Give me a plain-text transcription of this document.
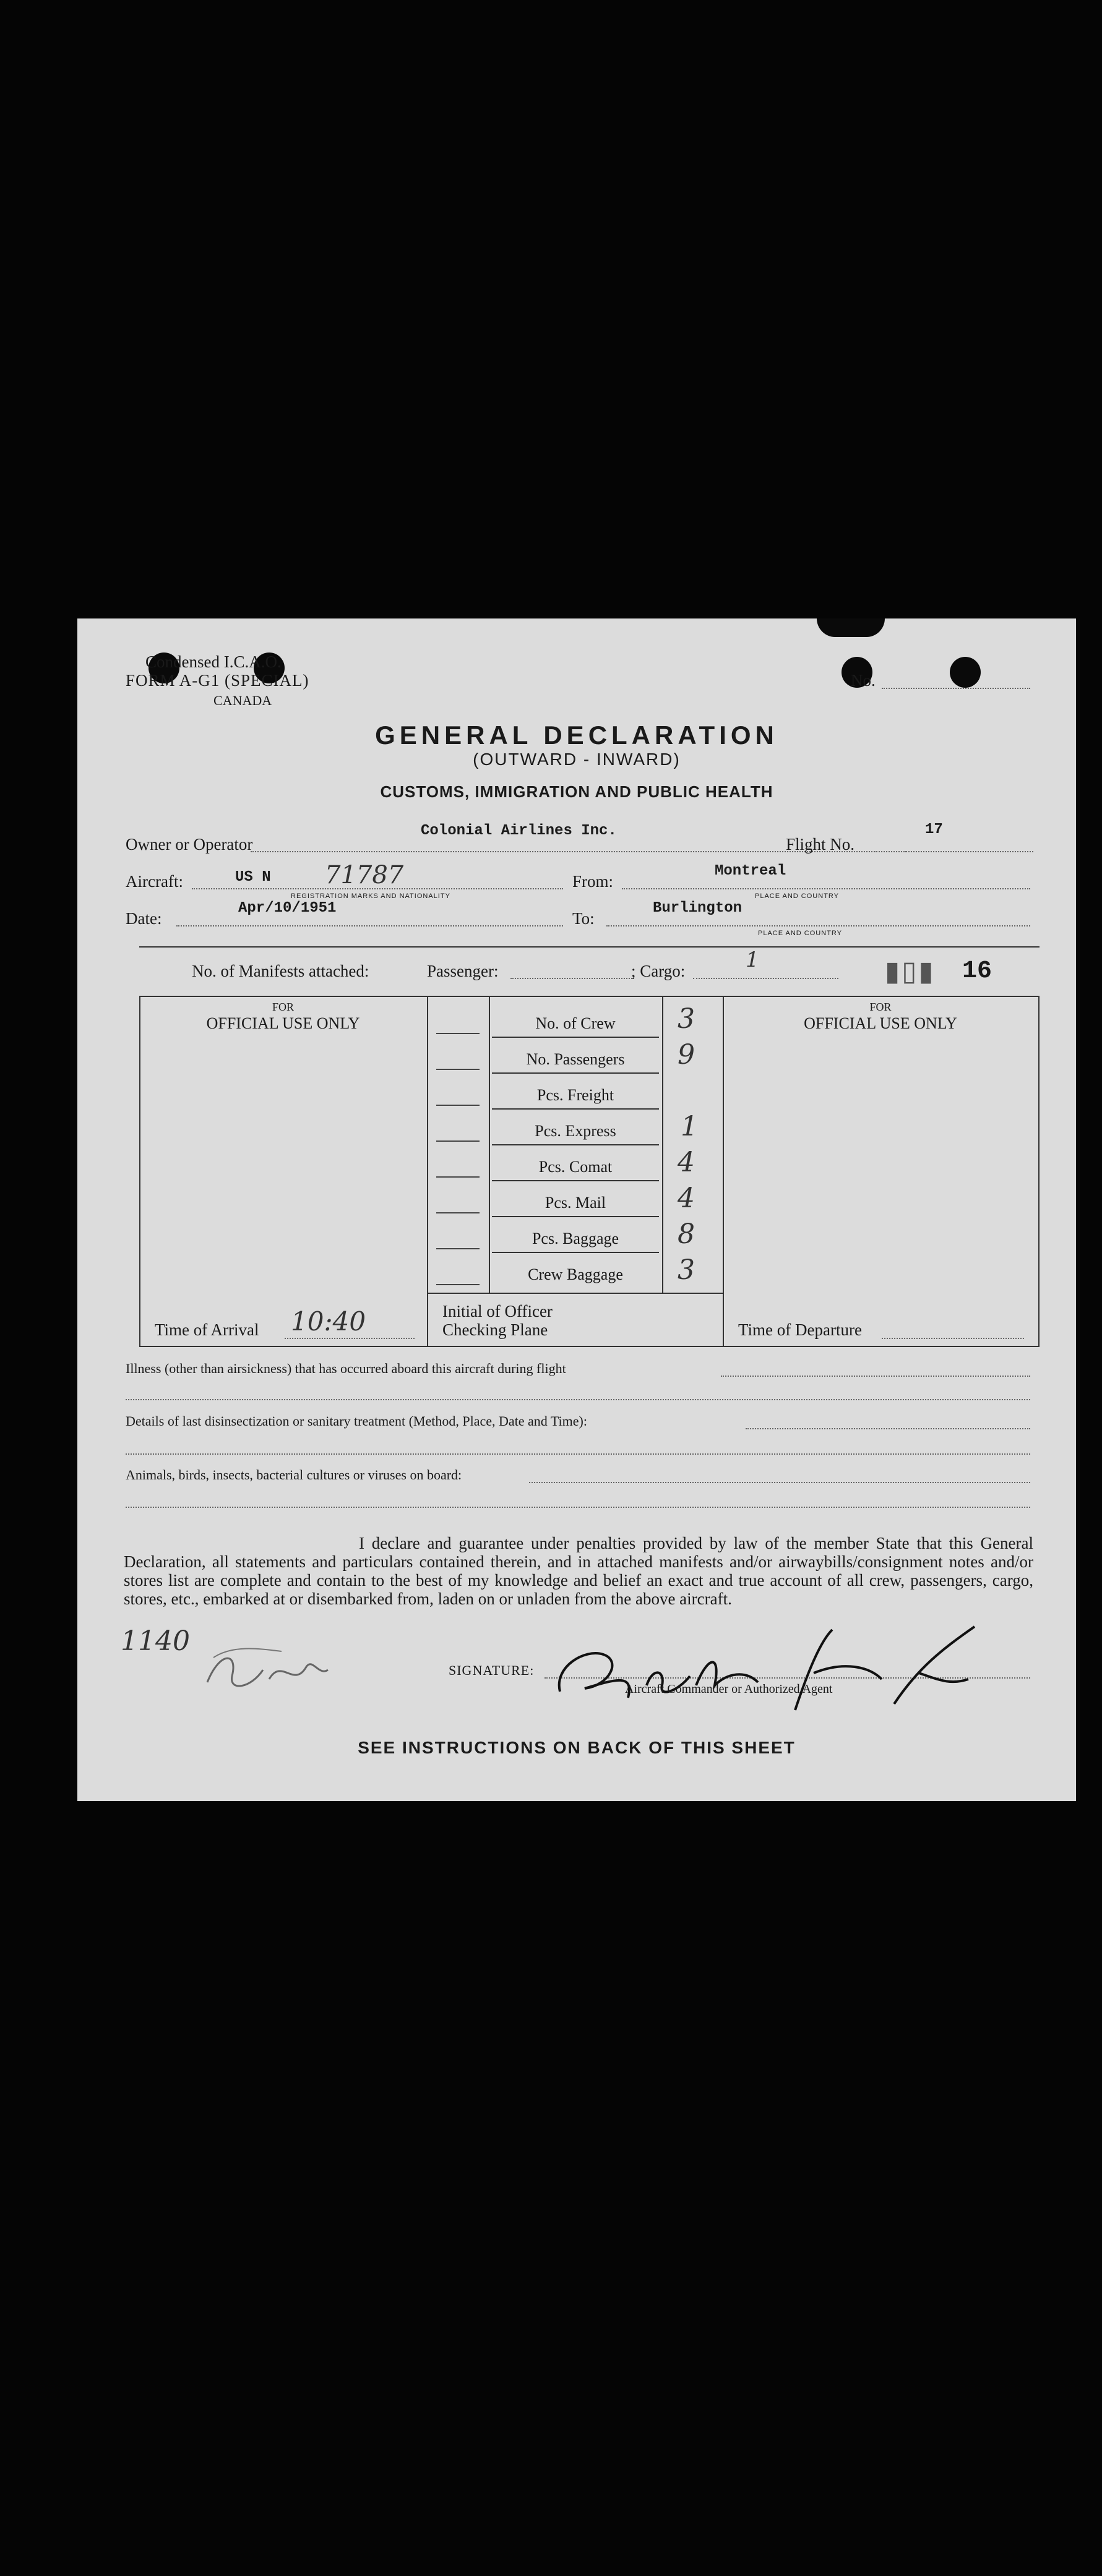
Condensed I.C.A.O.
FORM A-G1 (SPECIAL)
CANADA
No.
GENERAL DECLARATION
(OUTWARD - INWARD)
CUSTOMS, IMMIGRATION AND PUBLIC HEALTH
Owner or Operator
Colonial Airlines Inc.
Flight No.
17
Aircraft:	US N 71787
REGISTRATION MARKS AND NATIONALITY
From:
Montreal
PLACE AND COUNTRY
Date:
Apr/10/1951
To:
Burlington
PLACE AND COUNTRY
No. of Manifests attached:	Passenger:	; Cargo:	1	▮▯▮ 16
FOR
OFFICIAL USE ONLY
FOR
OFFICIAL USE ONLY
No. of Crew	3
No. Passengers	9
Pcs. Freight
Pcs. Express	1
Pcs. Comat	4
Pcs. Mail	4
Pcs. Baggage	8
Crew Baggage	3
Time of Arrival 10:40	Initial of Officer
Checking Plane	Time of Departure
Illness (other than airsickness) that has occurred aboard this aircraft during flight
Details of last disinsectization or sanitary treatment (Method, Place, Date and Time):
Animals, birds, insects, bacterial cultures or viruses on board:
I declare and guarantee under penalties provided by law of the member State that this General Declaration, all statements and particulars contained therein, and in attached manifests and/or airwaybills/consignment notes and/or stores list are complete and contain to the best of my knowledge and belief an exact and true account of all crew, passengers, cargo, stores, etc., embarked at or disembarked from, laden on or unladen from the above aircraft.
1140
SIGNATURE:
Aircraft Commander or Authorized Agent
SEE INSTRUCTIONS ON BACK OF THIS SHEET
